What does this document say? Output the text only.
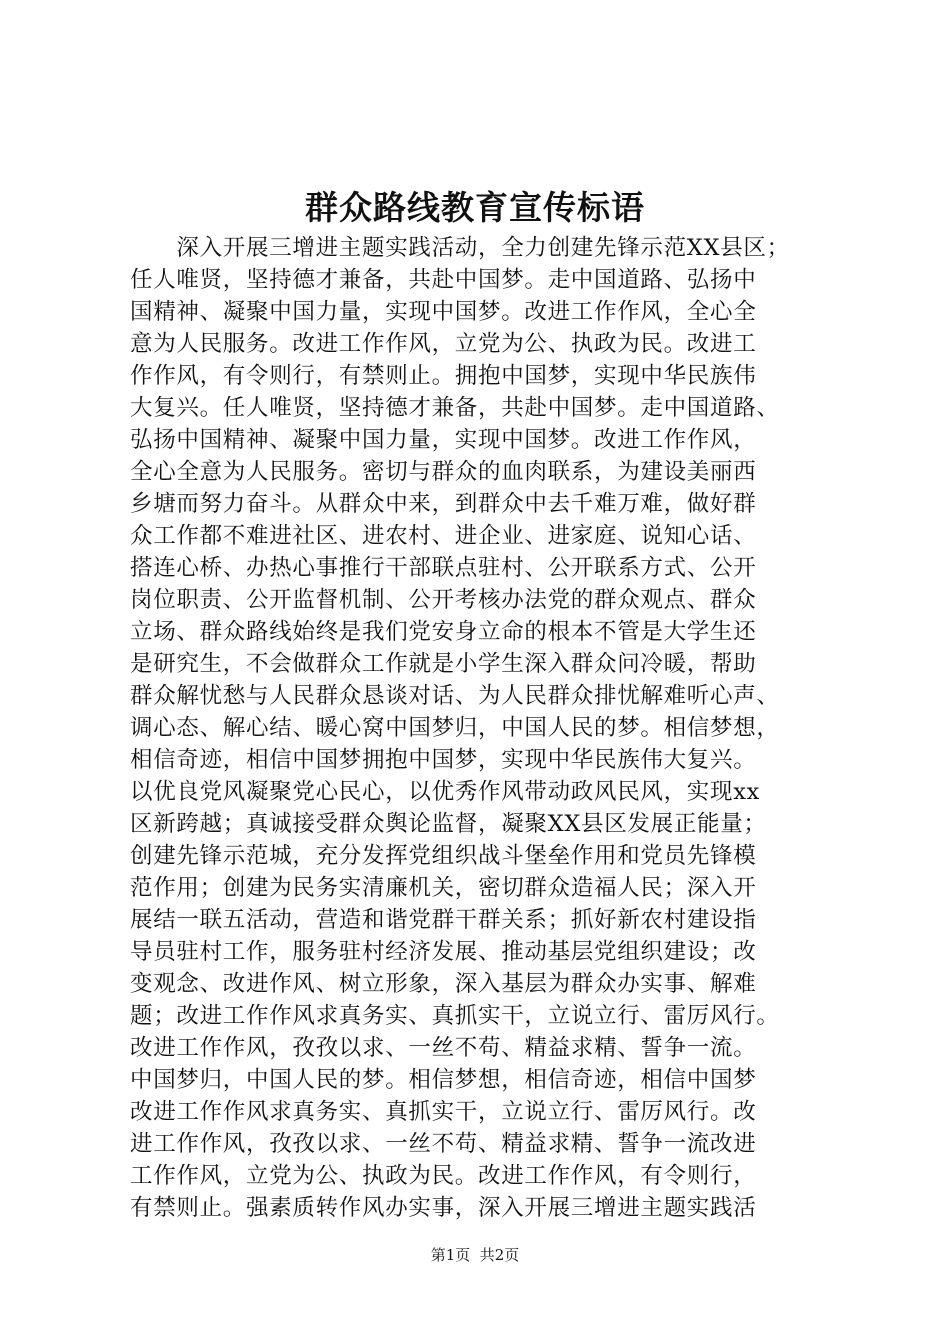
群众路线教育宣传标语
　　深入开展三增进主题实践活动，全力创建先锋示范XX县区；
任人唯贤，坚持德才兼备，共赴中国梦。走中国道路、弘扬中
国精神、凝聚中国力量，实现中国梦。改进工作作风，全心全
意为人民服务。改进工作作风，立党为公、执政为民。改进工
作作风，有令则行，有禁则止。拥抱中国梦，实现中华民族伟
大复兴。任人唯贤，坚持德才兼备，共赴中国梦。走中国道路、
弘扬中国精神、凝聚中国力量，实现中国梦。改进工作作风，
全心全意为人民服务。密切与群众的血肉联系，为建设美丽西
乡塘而努力奋斗。从群众中来，到群众中去千难万难，做好群
众工作都不难进社区、进农村、进企业、进家庭、说知心话、
搭连心桥、办热心事推行干部联点驻村、公开联系方式、公开
岗位职责、公开监督机制、公开考核办法党的群众观点、群众
立场、群众路线始终是我们党安身立命的根本不管是大学生还
是研究生，不会做群众工作就是小学生深入群众问冷暖，帮助
群众解忧愁与人民群众恳谈对话、为人民群众排忧解难听心声、
调心态、解心结、暖心窝中国梦归，中国人民的梦。相信梦想，
相信奇迹，相信中国梦拥抱中国梦，实现中华民族伟大复兴。
以优良党风凝聚党心民心，以优秀作风带动政风民风，实现xx
区新跨越；真诚接受群众舆论监督，凝聚XX县区发展正能量；
创建先锋示范城，充分发挥党组织战斗堡垒作用和党员先锋模
范作用；创建为民务实清廉机关，密切群众造福人民；深入开
展结一联五活动，营造和谐党群干群关系；抓好新农村建设指
导员驻村工作，服务驻村经济发展、推动基层党组织建设；改
变观念、改进作风、树立形象，深入基层为群众办实事、解难
题；改进工作作风求真务实、真抓实干，立说立行、雷厉风行。
改进工作作风，孜孜以求、一丝不苟、精益求精、誓争一流。
中国梦归，中国人民的梦。相信梦想，相信奇迹，相信中国梦
改进工作作风求真务实、真抓实干，立说立行、雷厉风行。改
进工作作风，孜孜以求、一丝不苟、精益求精、誓争一流改进
工作作风，立党为公、执政为民。改进工作作风，有令则行，
有禁则止。强素质转作风办实事，深入开展三增进主题实践活
第1页  共2页
